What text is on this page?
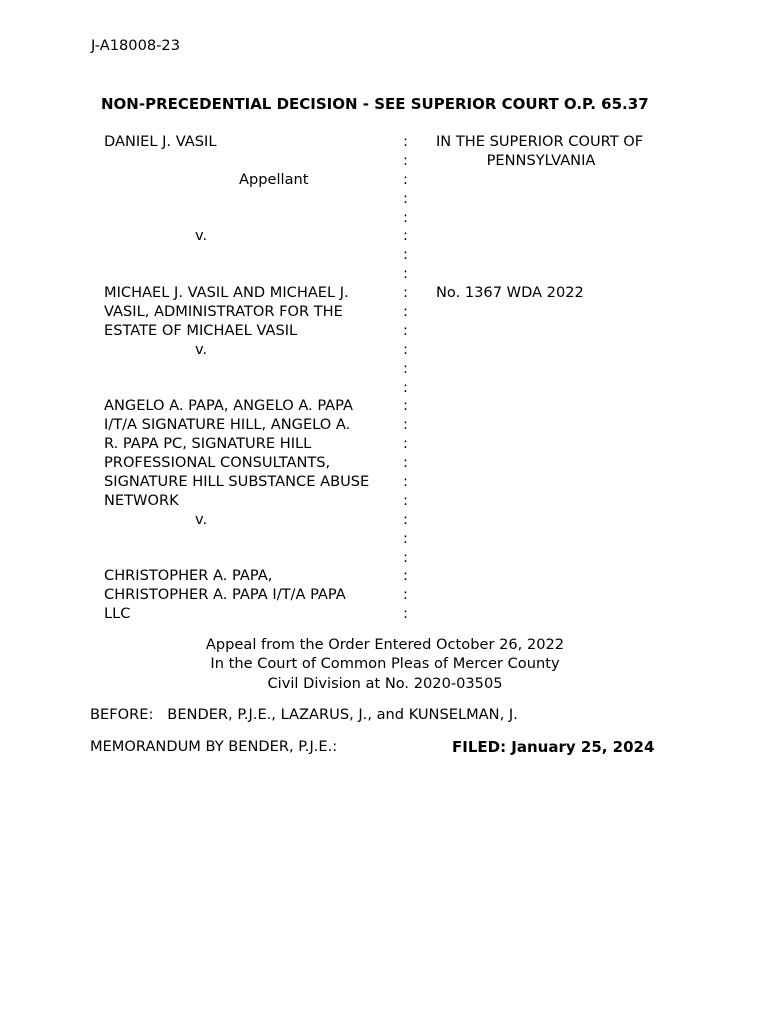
J-A18008-23
NON-PRECEDENTIAL DECISION - SEE SUPERIOR COURT O.P. 65.37
DANIEL J. VASIL
Appellant
v.
MICHAEL J. VASIL AND MICHAEL J.
VASIL, ADMINISTRATOR FOR THE
ESTATE OF MICHAEL VASIL
v.
ANGELO A. PAPA, ANGELO A. PAPA
I/T/A SIGNATURE HILL, ANGELO A.
R. PAPA PC, SIGNATURE HILL
PROFESSIONAL CONSULTANTS,
SIGNATURE HILL SUBSTANCE ABUSE
NETWORK
v.
CHRISTOPHER A. PAPA,
CHRISTOPHER A. PAPA I/T/A PAPA
LLC
:
:
:
:
:
:
:
:
:
:
:
:
:
:
:
:
:
:
:
:
:
:
:
:
:
:
IN THE SUPERIOR COURT OF
PENNSYLVANIA
No. 1367 WDA 2022
Appeal from the Order Entered October 26, 2022
In the Court of Common Pleas of Mercer County
Civil Division at No. 2020-03505
BEFORE:   BENDER, P.J.E., LAZARUS, J., and KUNSELMAN, J.
MEMORANDUM BY BENDER, P.J.E.:	FILED: January 25, 2024
